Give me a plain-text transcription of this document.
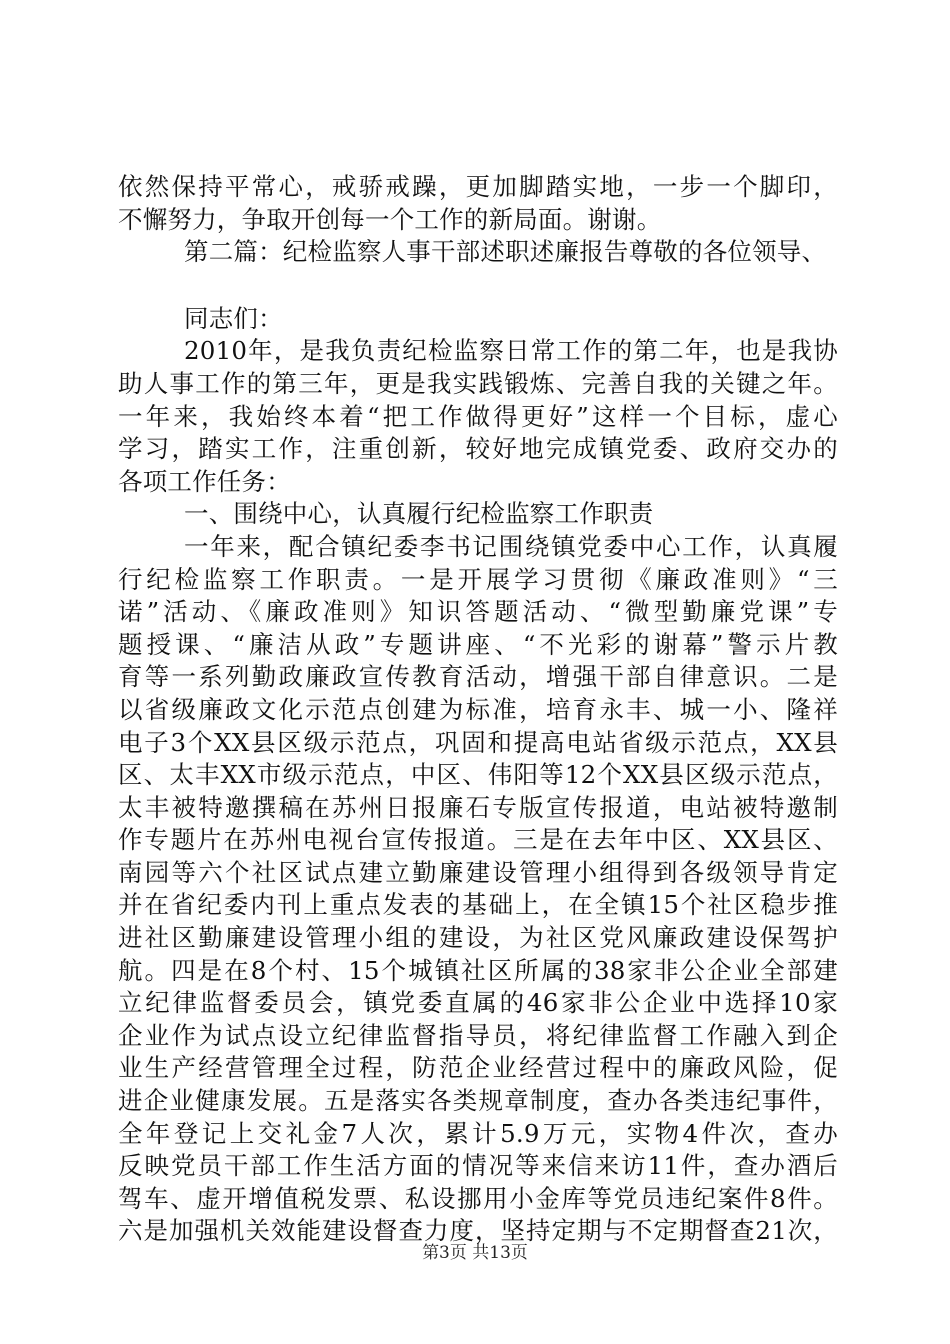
依然保持平常心，戒骄戒躁，更加脚踏实地，一步一个脚印，
不懈努力，争取开创每一个工作的新局面。谢谢。
第二篇：纪检监察人事干部述职述廉报告尊敬的各位领导、
同志们：
2010年，是我负责纪检监察日常工作的第二年，也是我协
助人事工作的第三年，更是我实践锻炼、完善自我的关键之年。
一年来，我始终本着“把工作做得更好”这样一个目标，虚心
学习，踏实工作，注重创新，较好地完成镇党委、政府交办的
各项工作任务：
一、围绕中心，认真履行纪检监察工作职责
一年来，配合镇纪委李书记围绕镇党委中心工作，认真履
行纪检监察工作职责。一是开展学习贯彻《廉政准则》“三
诺”活动、《廉政准则》知识答题活动、“微型勤廉党课”专
题授课、“廉洁从政”专题讲座、“不光彩的谢幕”警示片教
育等一系列勤政廉政宣传教育活动，增强干部自律意识。二是
以省级廉政文化示范点创建为标准，培育永丰、城一小、隆祥
电子3个XX县区级示范点，巩固和提高电站省级示范点，XX县
区、太丰XX市级示范点，中区、伟阳等12个XX县区级示范点，
太丰被特邀撰稿在苏州日报廉石专版宣传报道，电站被特邀制
作专题片在苏州电视台宣传报道。三是在去年中区、XX县区、
南园等六个社区试点建立勤廉建设管理小组得到各级领导肯定
并在省纪委内刊上重点发表的基础上，在全镇15个社区稳步推
进社区勤廉建设管理小组的建设，为社区党风廉政建设保驾护
航。四是在8个村、15个城镇社区所属的38家非公企业全部建
立纪律监督委员会，镇党委直属的46家非公企业中选择10家
企业作为试点设立纪律监督指导员，将纪律监督工作融入到企
业生产经营管理全过程，防范企业经营过程中的廉政风险，促
进企业健康发展。五是落实各类规章制度，查办各类违纪事件，
全年登记上交礼金7人次，累计5.9万元，实物4件次，查办
反映党员干部工作生活方面的情况等来信来访11件，查办酒后
驾车、虚开增值税发票、私设挪用小金库等党员违纪案件8件。
六是加强机关效能建设督查力度，坚持定期与不定期督查21次，
第3页 共13页
